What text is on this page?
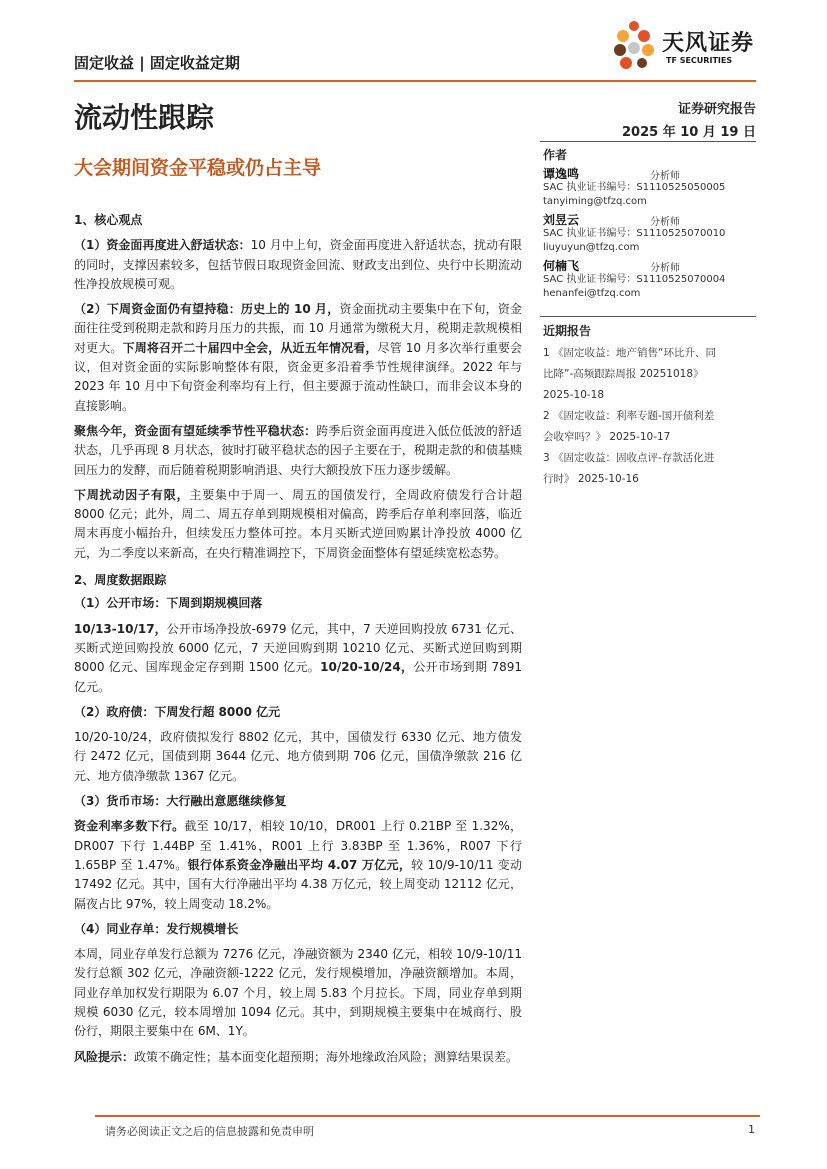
固定收益 | 固定收益定期
天风证券
TF SECURITIES
流动性跟踪
大会期间资金平稳或仍占主导
证券研究报告
2025 年 10 月 19 日
作者
谭逸鸣	分析师
SAC 执业证书编号：S1110525050005
tanyiming@tfzq.com
刘昱云	分析师
SAC 执业证书编号：S1110525070010
liuyuyun@tfzq.com
何楠飞	分析师
SAC 执业证书编号：S1110525070004
henanfei@tfzq.com
近期报告
1 《固定收益：地产销售“环比升、同
比降”-高频跟踪周报 20251018》
2025-10-18
2 《固定收益：利率专题-国开债利差
会收窄吗？》 2025-10-17
3 《固定收益：固收点评-存款活化进
行时》 2025-10-16

1、核心观点

（1）资金面再度进入舒适状态：10 月中上旬，资金面再度进入舒适状态，扰动有限的同时，支撑因素较多，包括节假日取现资金回流、财政支出到位、央行中长期流动性净投放规模可观。

（2）下周资金面仍有望持稳：历史上的 10 月，资金面扰动主要集中在下旬，资金面往往受到税期走款和跨月压力的共振，而 10 月通常为缴税大月，税期走款规模相对更大。下周将召开二十届四中全会，从近五年情况看，尽管 10 月多次举行重要会议，但对资金面的实际影响整体有限，资金更多沿着季节性规律演绎。2022 年与 2023 年 10 月中下旬资金利率均有上行，但主要源于流动性缺口，而非会议本身的直接影响。

聚焦今年，资金面有望延续季节性平稳状态：跨季后资金面再度进入低位低波的舒适状态，几乎再现 8 月状态，彼时打破平稳状态的因子主要在于，税期走款的和债基赎回压力的发酵，而后随着税期影响消退、央行大额投放下压力逐步缓解。

下周扰动因子有限，主要集中于周一、周五的国债发行，全周政府债发行合计超 8000 亿元；此外，周二、周五存单到期规模相对偏高，跨季后存单利率回落，临近周末再度小幅抬升，但续发压力整体可控。本月买断式逆回购累计净投放 4000 亿元，为二季度以来新高，在央行精准调控下，下周资金面整体有望延续宽松态势。

2、周度数据跟踪

（1）公开市场：下周到期规模回落

10/13-10/17，公开市场净投放-6979 亿元，其中，7 天逆回购投放 6731 亿元、买断式逆回购投放 6000 亿元，7 天逆回购到期 10210 亿元、买断式逆回购到期 8000 亿元、国库现金定存到期 1500 亿元。10/20-10/24，公开市场到期 7891 亿元。

（2）政府债：下周发行超 8000 亿元

10/20-10/24，政府债拟发行 8802 亿元，其中，国债发行 6330 亿元、地方债发行 2472 亿元，国债到期 3644 亿元、地方债到期 706 亿元，国债净缴款 216 亿元、地方债净缴款 1367 亿元。

（3）货币市场：大行融出意愿继续修复

资金利率多数下行。截至 10/17，相较 10/10，DR001 上行 0.21BP 至 1.32%，DR007 下行 1.44BP 至 1.41%，R001 上行 3.83BP 至 1.36%，R007 下行 1.65BP 至 1.47%。银行体系资金净融出平均 4.07 万亿元，较 10/9-10/11 变动 17492 亿元。其中，国有大行净融出平均 4.38 万亿元，较上周变动 12112 亿元，隔夜占比 97%，较上周变动 18.2%。

（4）同业存单：发行规模增长

本周，同业存单发行总额为 7276 亿元，净融资额为 2340 亿元，相较 10/9-10/11 发行总额 302 亿元，净融资额-1222 亿元，发行规模增加，净融资额增加。本周，同业存单加权发行期限为 6.07 个月，较上周 5.83 个月拉长。下周，同业存单到期规模 6030 亿元，较本周增加 1094 亿元。其中，到期规模主要集中在城商行、股份行，期限主要集中在 6M、1Y。

风险提示：政策不确定性；基本面变化超预期；海外地缘政治风险；测算结果误差。

请务必阅读正文之后的信息披露和免责申明	1
